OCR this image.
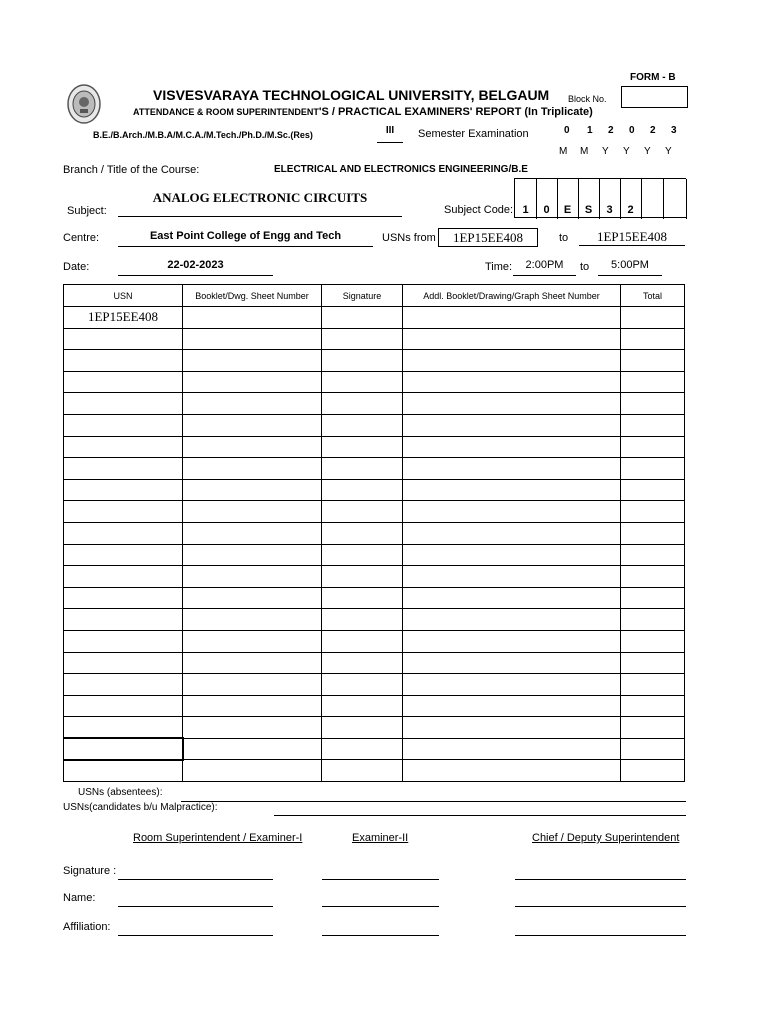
FORM - B
VISVESVARAYA TECHNOLOGICAL UNIVERSITY, BELGAUM
ATTENDANCE & ROOM SUPERINTENDENT'S / PRACTICAL EXAMINERS' REPORT (In Triplicate)
Block No.
B.E./B.Arch./M.B.A/M.C.A./M.Tech./Ph.D./M.Sc.(Res)	III	Semester Examination	0 1 2 0 2 3
M M Y Y Y Y
Branch / Title of the Course:	ELECTRICAL AND ELECTRONICS ENGINEERING/B.E
Subject:
ANALOG ELECTRONIC CIRCUITS
Subject Code: 1	0	E	S	3	2
Centre:	East Point College of Engg and Tech	USNs from	1EP15EE408	to	1EP15EE408
Date:	22-02-2023	Time:	2:00PM	to	5:00PM
USN	Booklet/Dwg. Sheet Number	Signature	Addl. Booklet/Drawing/Graph Sheet Number	Total
1EP15EE408				

USNs (absentees):
USNs(candidates b/u Malpractice):
Room Superintendent / Examiner-I	Examiner-II	Chief / Deputy Superintendent
Signature :
Name:
Affiliation:
